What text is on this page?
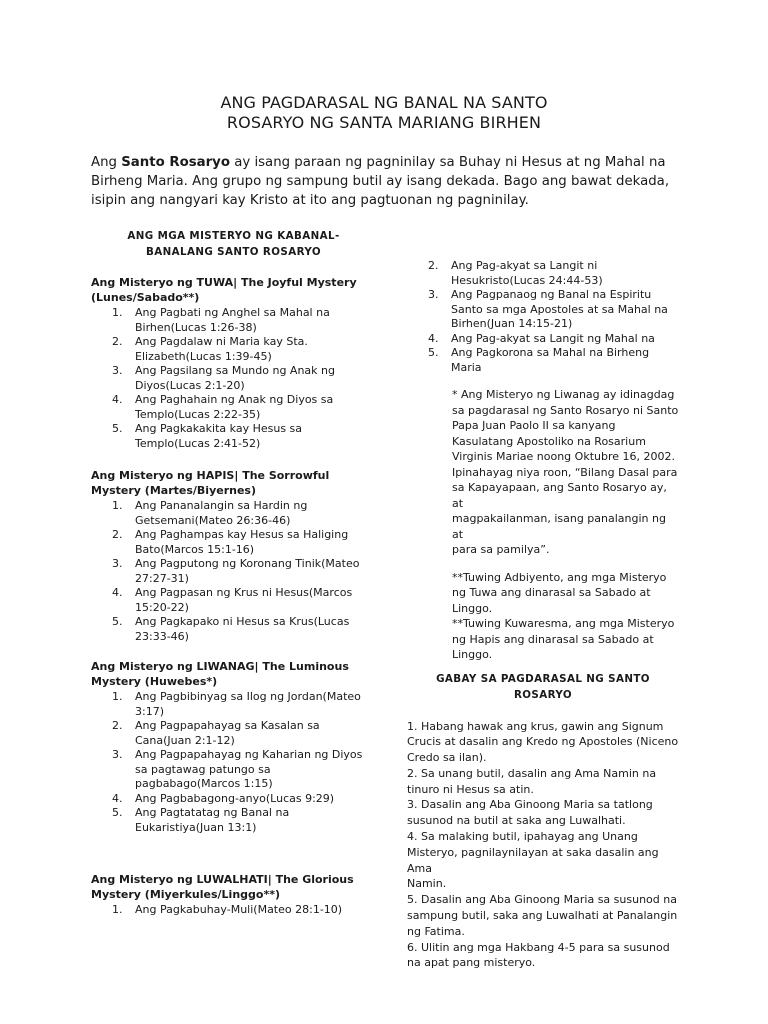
ANG PAGDARASAL NG BANAL NA SANTO
ROSARYO NG SANTA MARIANG BIRHEN
Ang Santo Rosaryo ay isang paraan ng pagninilay sa Buhay ni Hesus at ng Mahal na Birheng Maria. Ang grupo ng sampung butil ay isang dekada. Bago ang bawat dekada, isipin ang nangyari kay Kristo at ito ang pagtuonan ng pagninilay.
ANG MGA MISTERYO NG KABANAL-
BANALANG SANTO ROSARYO
Ang Misteryo ng TUWA| The Joyful Mystery
(Lunes/Sabado**)
1. Ang Pagbati ng Anghel sa Mahal na
Birhen(Lucas 1:26-38)
2. Ang Pagdalaw ni Maria kay Sta.
Elizabeth(Lucas 1:39-45)
3. Ang Pagsilang sa Mundo ng Anak ng
Diyos(Lucas 2:1-20)
4. Ang Paghahain ng Anak ng Diyos sa
Templo(Lucas 2:22-35)
5. Ang Pagkakakita kay Hesus sa
Templo(Lucas 2:41-52)
Ang Misteryo ng HAPIS| The Sorrowful
Mystery (Martes/Biyernes)
1. Ang Pananalangin sa Hardin ng
Getsemani(Mateo 26:36-46)
2. Ang Paghampas kay Hesus sa Haliging
Bato(Marcos 15:1-16)
3. Ang Pagputong ng Koronang Tinik(Mateo
27:27-31)
4. Ang Pagpasan ng Krus ni Hesus(Marcos
15:20-22)
5. Ang Pagkapako ni Hesus sa Krus(Lucas
23:33-46)
Ang Misteryo ng LIWANAG| The Luminous
Mystery (Huwebes*)
1. Ang Pagbibinyag sa Ilog ng Jordan(Mateo
3:17)
2. Ang Pagpapahayag sa Kasalan sa
Cana(Juan 2:1-12)
3. Ang Pagpapahayag ng Kaharian ng Diyos
sa pagtawag patungo sa
pagbabago(Marcos 1:15)
4. Ang Pagbabagong-anyo(Lucas 9:29)
5. Ang Pagtatatag ng Banal na
Eukaristiya(Juan 13:1)
Ang Misteryo ng LUWALHATI| The Glorious
Mystery (Miyerkules/Linggo**)
1. Ang Pagkabuhay-Muli(Mateo 28:1-10)
2. Ang Pag-akyat sa Langit ni
Hesukristo(Lucas 24:44-53)
3. Ang Pagpanaog ng Banal na Espiritu
Santo sa mga Apostoles at sa Mahal na
Birhen(Juan 14:15-21)
4. Ang Pag-akyat sa Langit ng Mahal na
5. Ang Pagkorona sa Mahal na Birheng
Maria
* Ang Misteryo ng Liwanag ay idinagdag
sa pagdarasal ng Santo Rosaryo ni Santo
Papa Juan Paolo II sa kanyang
Kasulatang Apostoliko na Rosarium
Virginis Mariae noong Oktubre 16, 2002.
Ipinahayag niya roon, “Bilang Dasal para
sa Kapayapaan, ang Santo Rosaryo ay, at
magpakailanman, isang panalangin ng at
para sa pamilya”.
**Tuwing Adbiyento, ang mga Misteryo
ng Tuwa ang dinarasal sa Sabado at
Linggo.
**Tuwing Kuwaresma, ang mga Misteryo
ng Hapis ang dinarasal sa Sabado at
Linggo.
GABAY SA PAGDARASAL NG SANTO
ROSARYO
1. Habang hawak ang krus, gawin ang Signum
Crucis at dasalin ang Kredo ng Apostoles (Niceno
Credo sa ilan).
2. Sa unang butil, dasalin ang Ama Namin na
tinuro ni Hesus sa atin.
3. Dasalin ang Aba Ginoong Maria sa tatlong
susunod na butil at saka ang Luwalhati.
4. Sa malaking butil, ipahayag ang Unang
Misteryo, pagnilaynilayan at saka dasalin ang Ama
Namin.
5. Dasalin ang Aba Ginoong Maria sa susunod na
sampung butil, saka ang Luwalhati at Panalangin
ng Fatima.
6. Ulitin ang mga Hakbang 4-5 para sa susunod
na apat pang misteryo.
